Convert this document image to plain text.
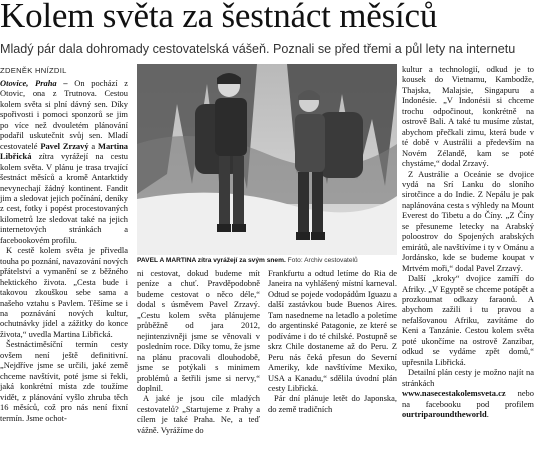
Kolem světa za šestnáct měsíců
Mladý pár dala dohromady cestovatelská vášeň. Poznali se před třemi a půl lety na internetu
ZDENĚK HNÍZDIL

Otovice, Praha – On pochází z Otovic, ona z Trutnova. Cestou kolem světa si plní dávný sen. Díky spořivosti i pomoci sponzorů se jim po více než dvouletém plánování podařil uskutečnit svůj sen. Mladí cestovatelé Pavel Zrzavý a Martina Libřická zítra vyrážejí na cestu kolem světa. V plánu je trasa trvající šestnáct měsíců a kromě Antarktidy nevynechají žádný kontinent. Fandit jim a sledovat jejich počínání, deníky z cest, fotky i popést procestovaných kilometrů lze sledovat také na jejich internetových stránkách a facebookovém profilu.

K cestě kolem světa je přivedla touha po poznání, navazování nových přátelství a vymanění se z běžného hektického života. „Cesta bude i takovou zkouškou sebe sama a našeho vztahu s Pavlem. Těšíme se i na poznávání nových kultur, ochutnávky jídel a zážitky do konce života,“ uvedla Martina Libřická.

Šestnáctiměsíční termín cesty ovšem není ještě definitivní. „Nejdříve jsme se určili, jaké země chceme navštívit, poté jsme si řekli, jaká konkrétní místa zde toužíme vidět, z plánování vyšlo zhruba těch 16 měsíců, což pro nás není fixní termín. Jsme ochot-

PAVEL A MARTINA zítra vyrážejí za svým snem. Foto: Archiv cestovatelů

ni cestovat, dokud budeme mít peníze a chuť. Pravděpodobně budeme cestovat o něco déle,“ dodal s úsměvem Pavel Zrzavý. „Cestu kolem světa plánujeme průběžně od jara 2012, nejintenzivněji jsme se věnovali v posledním roce. Díky tomu, že jsme na plánu pracovali dlouhodobě, jsme se potýkali s minimem problémů a šetřili jsme si nervy,“ doplnil.

A jaké je jsou cíle mladých cestovatelů? „Startujeme z Prahy a cílem je také Praha. Ne, a teď vážně. Vyrážíme do

Frankfurtu a odtud letíme do Ria de Janeira na vyhlášený místní karneval. Odtud se pojede vodopádům Iguazu a další zastávkou bude Buenos Aires. Tam nasedneme na letadlo a poletíme do argentinské Patagonie, ze které se podíváme i do té chilské. Postupně se skrz Chile dostaneme až do Peru. Z Peru nás čeká přesun do Severní Ameriky, kde navštívíme Mexiko, USA a Kanadu,“ sdělila úvodní plán cesty Libřická.

Pár dní plánuje letět do Japonska, do země tradičních

kultur a technologií, odkud je to kousek do Vietnamu, Kambodže, Thajska, Malajsie, Singapuru a Indonésie. „V Indonésii si chceme trochu odpočinout, konkrétně na ostrově Bali. A také tu musíme zůstat, abychom přečkali zimu, která bude v té době v Austrálii a především na Novém Zélandě, kam se poté chystáme,“ dodal Zrzavý.

Z Austrálie a Oceánie se dvojice vydá na Srí Lanku do sloního sirotčince a do Indie. Z Nepálu je pak naplánována cesta s výhledy na Mount Everest do Tibetu a do Číny. „Z Číny se přesuneme letecky na Arabský poloostrov do Spojených arabských emirátů, ale navštívíme i ty v Ománu a Jordánsko, kde se budeme koupat v Mrtvém moři,“ dodal Pavel Zrzavý.

Další „kroky“ dvojice zamíří do Afriky. „V Egyptě se chceme potápět a prozkoumat odkazy faraonů. A abychom zažili i tu pravou a nefalšovanou Afriku, zavítáme do Keni a Tanzánie. Cestou kolem světa poté ukončíme na ostrově Zanzibar, odkud se vydáme zpět domů,“ upřesnila Libřická.

Detailní plán cesty je možno najít na stránkách www.nasecestakolemsveta.cz nebo na facebooku pod profilem ourtriparoundtheworld.
